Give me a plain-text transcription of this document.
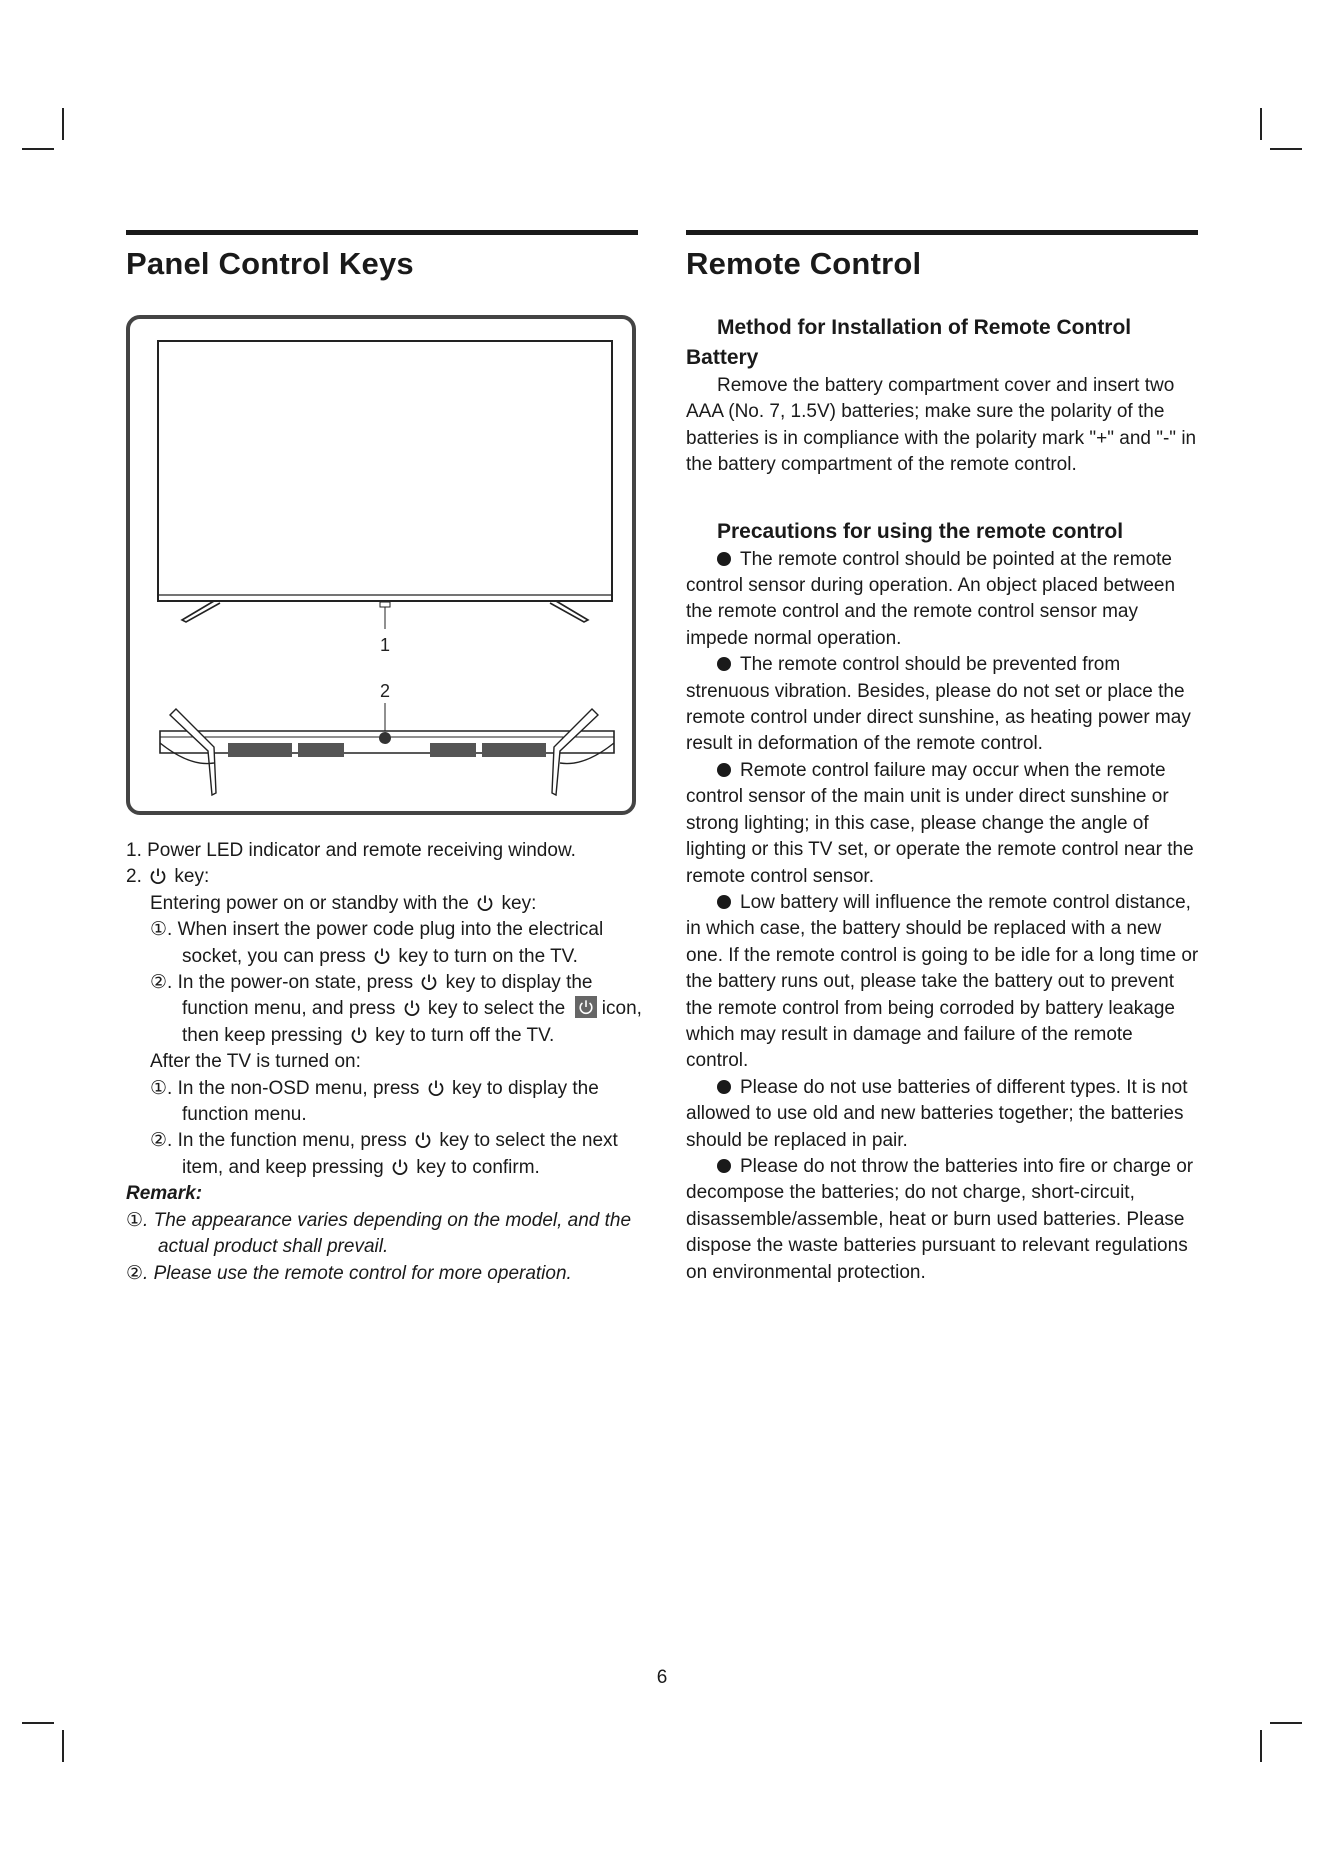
Panel Control Keys
1
2

1. Power LED indicator and remote receiving window.

2. key:

Entering power on or standby with the key:

①. When insert the power code plug into the electrical socket, you can press key to turn on the TV.

②. In the power-on state, press key to display the function menu, and press key to select the icon, then keep pressing key to turn off the TV.

After the TV is turned on:

①. In the non-OSD menu, press key to display the function menu.

②. In the function menu, press key to select the next item, and keep pressing key to confirm.

Remark:

①. The appearance varies depending on the model, and the actual product shall prevail.

②. Please use the remote control for more operation.

Remote Control

Method for Installation of Remote Control

Battery

Remove the battery compartment cover and insert two AAA (No. 7, 1.5V) batteries; make sure the polarity of the batteries is in compliance with the polarity mark "+" and "-" in the battery compartment of the remote control.

Precautions for using the remote control

The remote control should be pointed at the remote control sensor during operation. An object placed between the remote control and the remote control sensor may impede normal operation.

The remote control should be prevented from strenuous vibration. Besides, please do not set or place the remote control under direct sunshine, as heating power may result in deformation of the remote control.

Remote control failure may occur when the remote control sensor of the main unit is under direct sunshine or strong lighting; in this case, please change the angle of lighting or this TV set, or operate the remote control near the remote control sensor.

Low battery will influence the remote control distance, in which case, the battery should be replaced with a new one. If the remote control is going to be idle for a long time or the battery runs out, please take the battery out to prevent the remote control from being corroded by battery leakage which may result in damage and failure of the remote control.

Please do not use batteries of different types. It is not allowed to use old and new batteries together; the batteries should be replaced in pair.

Please do not throw the batteries into fire or charge or decompose the batteries; do not charge, short-circuit, disassemble/assemble, heat or burn used batteries. Please dispose the waste batteries pursuant to relevant regulations on environmental protection.

6
